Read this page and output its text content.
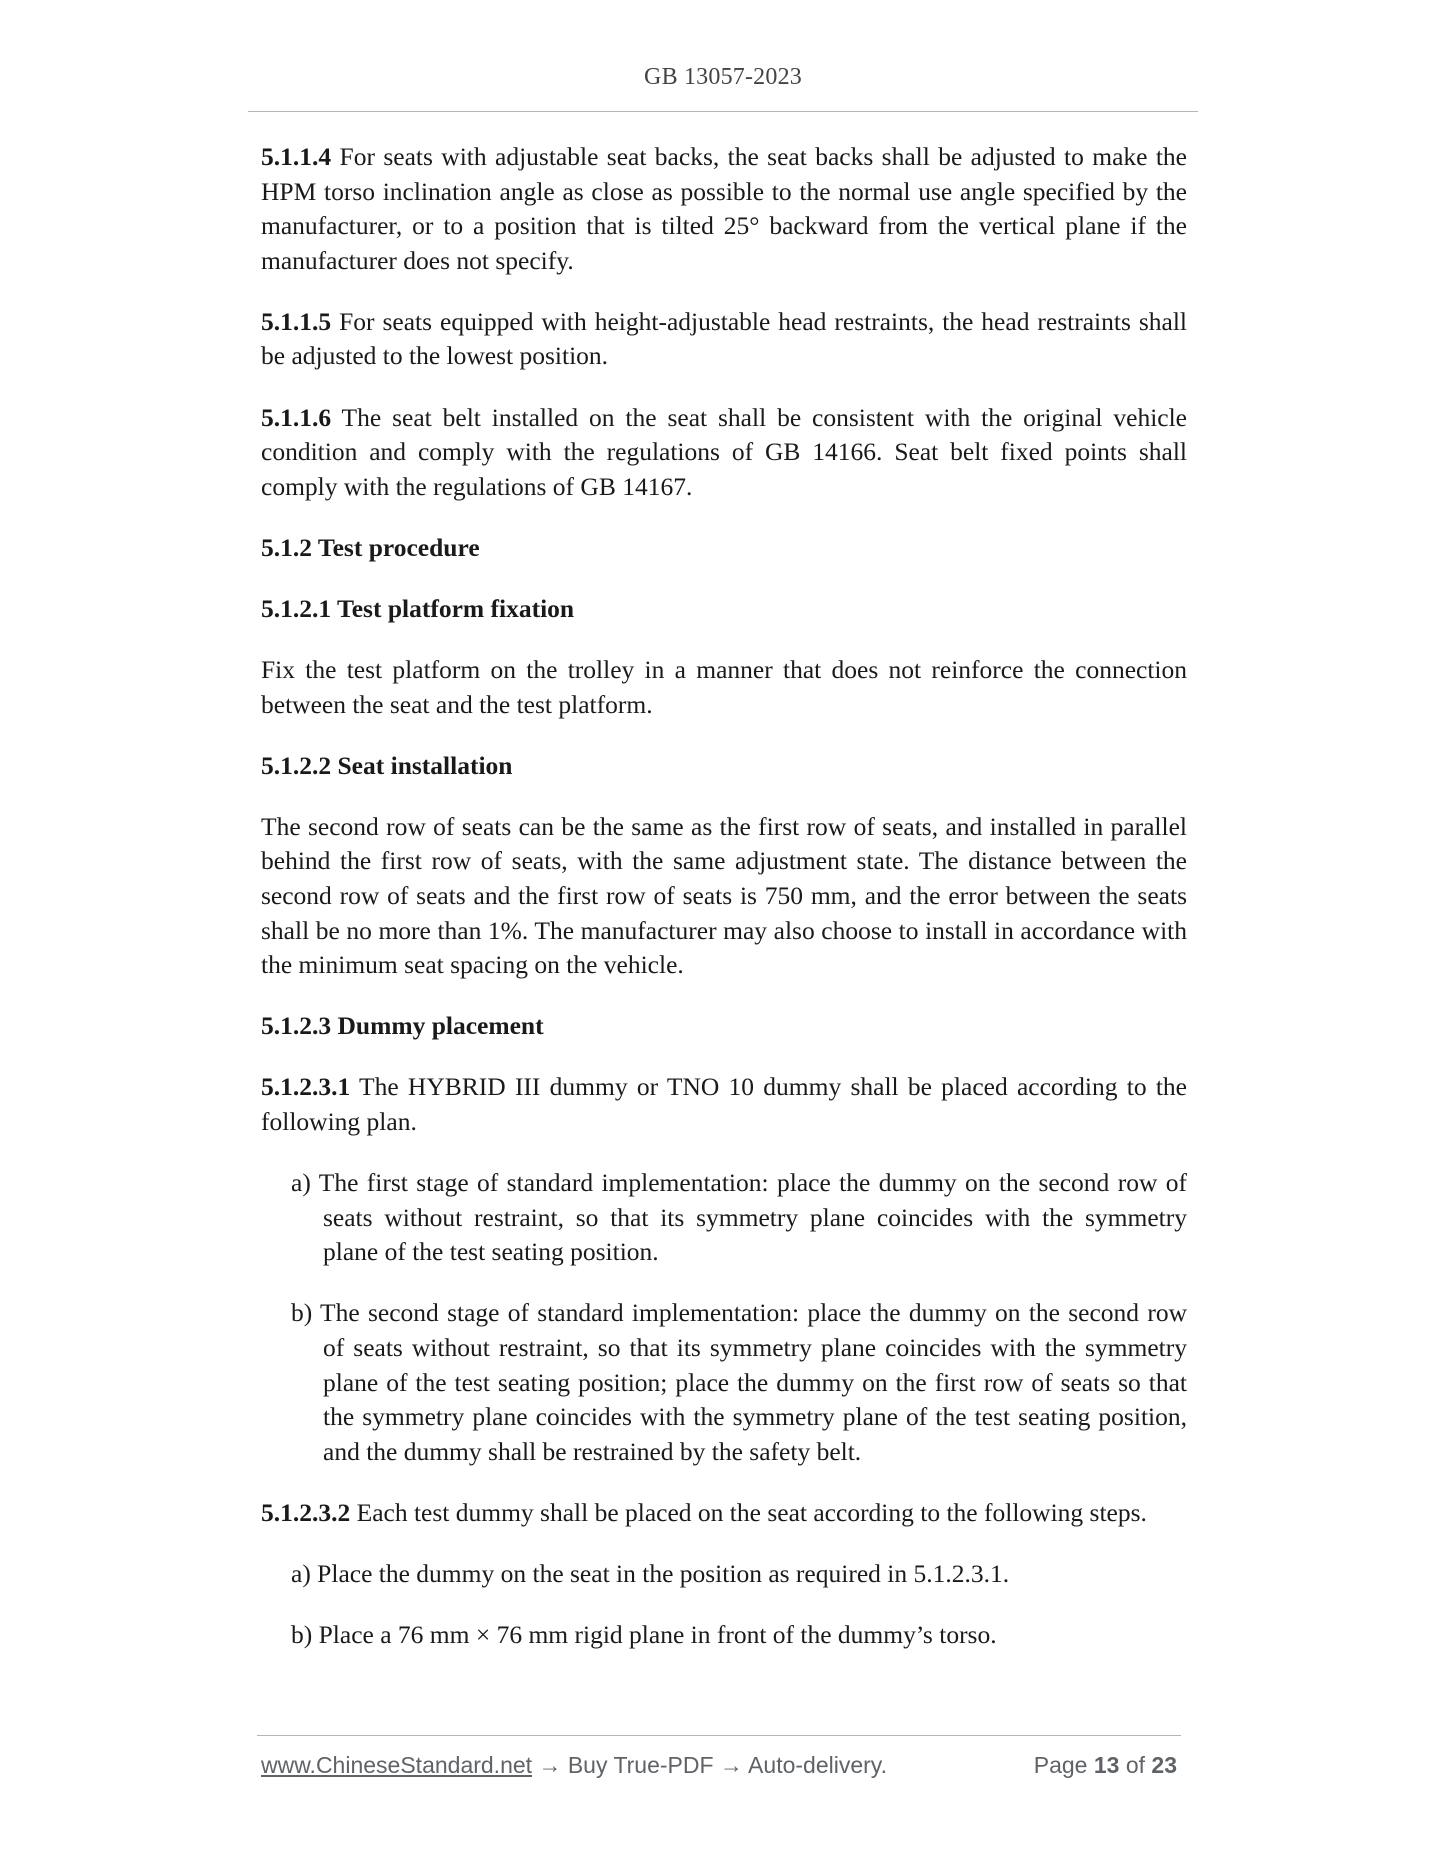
GB 13057-2023

5.1.1.4 For seats with adjustable seat backs, the seat backs shall be adjusted to make the HPM torso inclination angle as close as possible to the normal use angle specified by the manufacturer, or to a position that is tilted 25° backward from the vertical plane if the manufacturer does not specify.

5.1.1.5 For seats equipped with height-adjustable head restraints, the head restraints shall be adjusted to the lowest position.

5.1.1.6 The seat belt installed on the seat shall be consistent with the original vehicle condition and comply with the regulations of GB 14166. Seat belt fixed points shall comply with the regulations of GB 14167.

5.1.2 Test procedure

5.1.2.1 Test platform fixation

Fix the test platform on the trolley in a manner that does not reinforce the connection between the seat and the test platform.

5.1.2.2 Seat installation

The second row of seats can be the same as the first row of seats, and installed in parallel behind the first row of seats, with the same adjustment state. The distance between the second row of seats and the first row of seats is 750 mm, and the error between the seats shall be no more than 1%. The manufacturer may also choose to install in accordance with the minimum seat spacing on the vehicle.

5.1.2.3 Dummy placement

5.1.2.3.1 The HYBRID III dummy or TNO 10 dummy shall be placed according to the following plan.

a) The first stage of standard implementation: place the dummy on the second row of seats without restraint, so that its symmetry plane coincides with the symmetry plane of the test seating position.

b) The second stage of standard implementation: place the dummy on the second row of seats without restraint, so that its symmetry plane coincides with the symmetry plane of the test seating position; place the dummy on the first row of seats so that the symmetry plane coincides with the symmetry plane of the test seating position, and the dummy shall be restrained by the safety belt.

5.1.2.3.2 Each test dummy shall be placed on the seat according to the following steps.

a) Place the dummy on the seat in the position as required in 5.1.2.3.1.

b) Place a 76 mm × 76 mm rigid plane in front of the dummy’s torso.

www.ChineseStandard.net → Buy True-PDF → Auto-delivery.	Page 13 of 23
